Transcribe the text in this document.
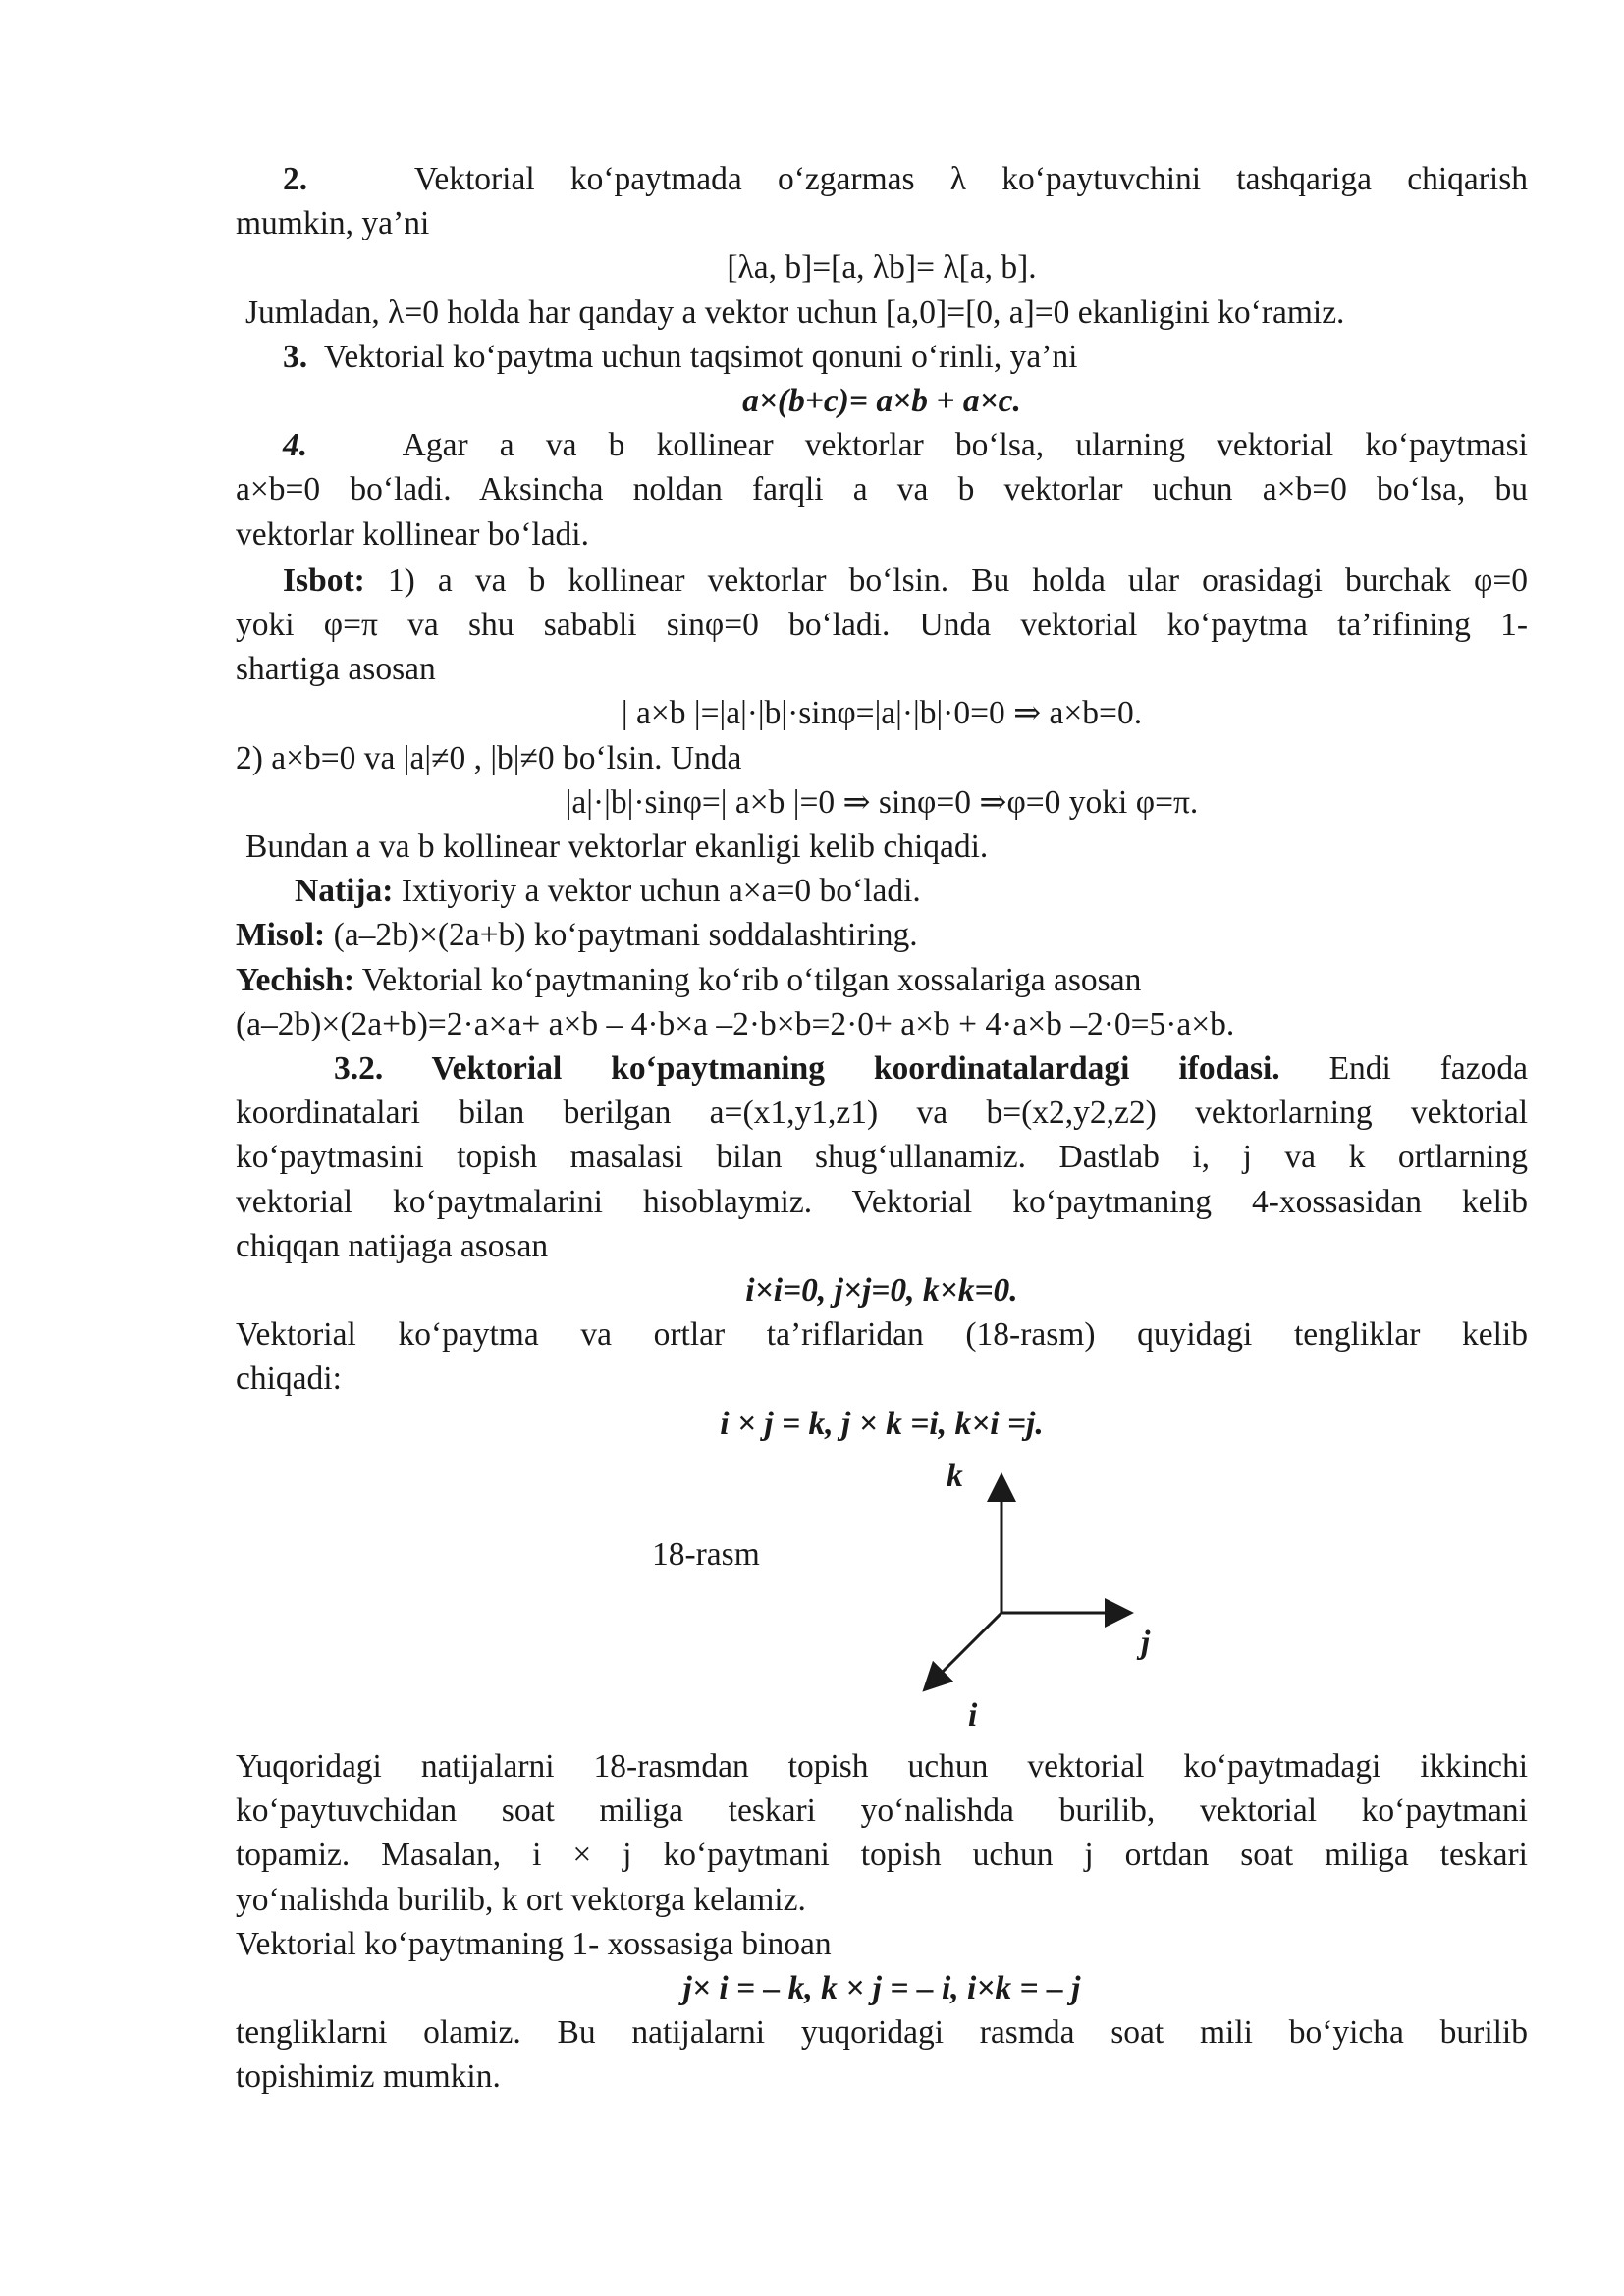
2.	Vektorial ko‘paytmada o‘zgarmas λ ko‘paytuvchini tashqariga chiqarish

mumkin, ya’ni

[λa, b]=[a, λb]= λ[a, b].

Jumladan, λ=0 holda har qanday a vektor uchun [a,0]=[0, a]=0 ekanligini ko‘ramiz.

3. Vektorial ko‘paytma uchun taqsimot qonuni o‘rinli, ya’ni

a×(b+c)= a×b + a×c.

4.	Agar a va b kollinear vektorlar bo‘lsa, ularning vektorial ko‘paytmasi

a×b=0 bo‘ladi. Aksincha noldan farqli a va b vektorlar uchun a×b=0 bo‘lsa, bu

vektorlar kollinear bo‘ladi.

Isbot: 1) a va b kollinear vektorlar bo‘lsin. Bu holda ular orasidagi burchak φ=0

yoki φ=π va shu sababli sinφ=0 bo‘ladi. Unda vektorial ko‘paytma ta’rifining 1-

shartiga asosan

| a×b |=|a|·|b|·sinφ=|a|·|b|·0=0 ⇒ a×b=0.

2) a×b=0 va |a|≠0 , |b|≠0 bo‘lsin. Unda

|a|·|b|·sinφ=| a×b |=0 ⇒ sinφ=0 ⇒φ=0 yoki φ=π.

Bundan a va b kollinear vektorlar ekanligi kelib chiqadi.

Natija: Ixtiyoriy a vektor uchun a×a=0 bo‘ladi.

Misol: (a–2b)×(2a+b) ko‘paytmani soddalashtiring.

Yechish: Vektorial ko‘paytmaning ko‘rib o‘tilgan xossalariga asosan

(a–2b)×(2a+b)=2·a×a+ a×b – 4·b×a –2·b×b=2·0+ a×b + 4·a×b –2·0=5·a×b.

3.2. Vektorial ko‘paytmaning koordinatalardagi ifodasi. Endi fazoda

koordinatalari bilan berilgan a=(x1,y1,z1) va b=(x2,y2,z2) vektorlarning vektorial

ko‘paytmasini topish masalasi bilan shug‘ullanamiz. Dastlab i, j va k ortlarning

vektorial ko‘paytmalarini hisoblaymiz. Vektorial ko‘paytmaning 4-xossasidan kelib

chiqqan natijaga asosan

i×i=0, j×j=0, k×k=0.

Vektorial ko‘paytma va ortlar ta’riflaridan (18-rasm) quyidagi tengliklar kelib

chiqadi:

i × j = k, j × k =i, k×i =j.

18-rasm
k
j
i

Yuqoridagi natijalarni 18-rasmdan topish uchun vektorial ko‘paytmadagi ikkinchi

ko‘paytuvchidan soat miliga teskari yo‘nalishda burilib, vektorial ko‘paytmani

topamiz. Masalan, i × j ko‘paytmani topish uchun j ortdan soat miliga teskari

yo‘nalishda burilib, k ort vektorga kelamiz.

Vektorial ko‘paytmaning 1- xossasiga binoan

j× i = – k, k × j = – i, i×k = – j

tengliklarni olamiz. Bu natijalarni yuqoridagi rasmda soat mili bo‘yicha burilib

topishimiz mumkin.
